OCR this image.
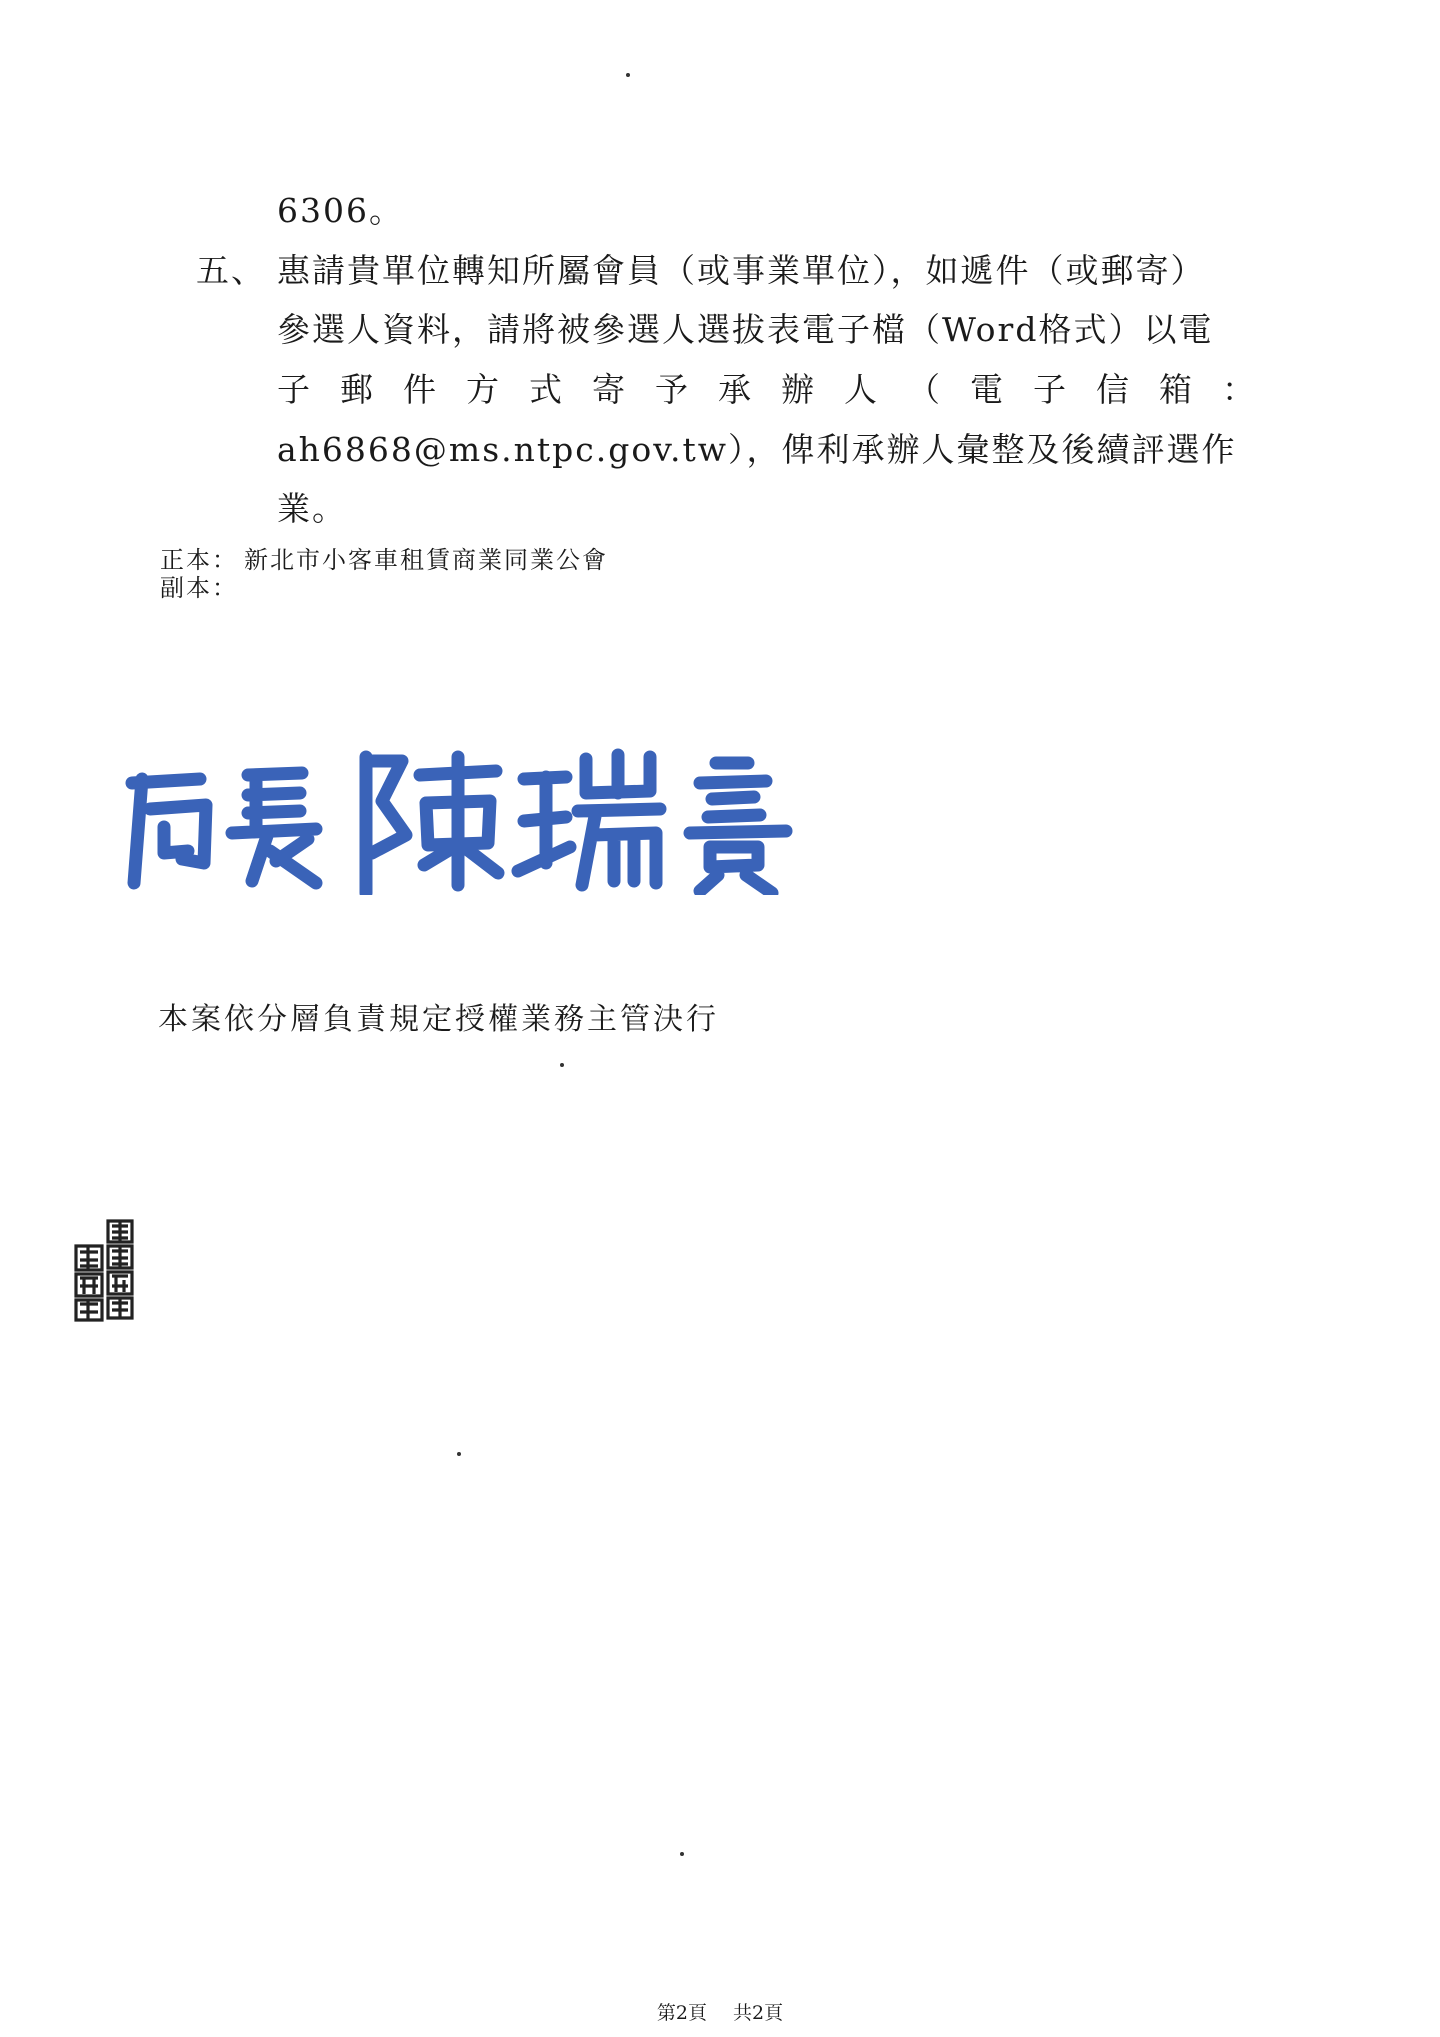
6306。
五、 惠請貴單位轉知所屬會員（或事業單位），如遞件（或郵寄）
參選人資料，請將被參選人選拔表電子檔（Word格式）以電
子郵件方式寄予承辦人（電子信箱：
ah6868@ms.ntpc.gov.tw），俾利承辦人彙整及後續評選作
業。
正本： 新北市小客車租賃商業同業公會
副本：
本案依分層負責規定授權業務主管決行
第2頁 共2頁
